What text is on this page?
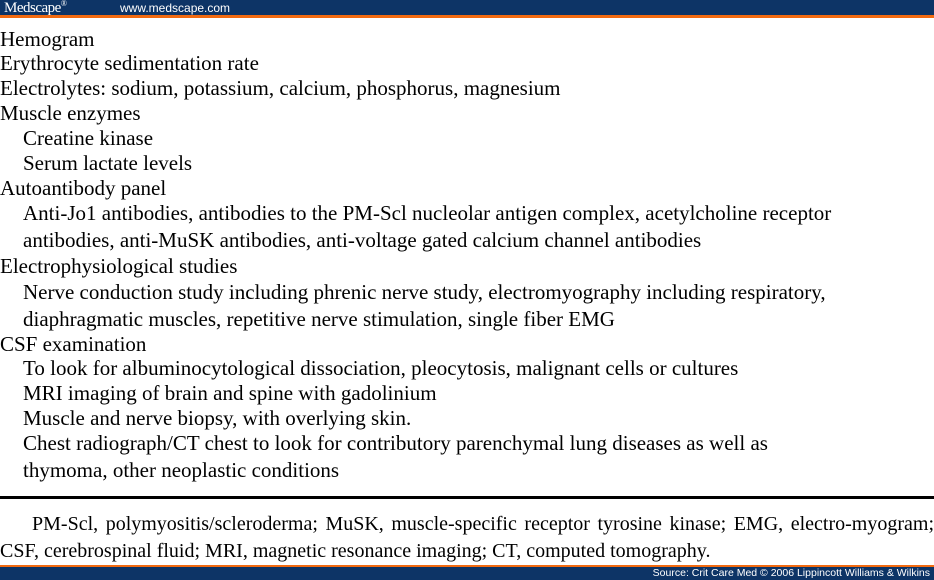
Medscape®	www.medscape.com
Hemogram
Erythrocyte sedimentation rate
Electrolytes: sodium, potassium, calcium, phosphorus, magnesium
Muscle enzymes
Creatine kinase
Serum lactate levels
Autoantibody panel
Anti-Jo1 antibodies, antibodies to the PM-Scl nucleolar antigen complex, acetylcholine receptor
antibodies, anti-MuSK antibodies, anti-voltage gated calcium channel antibodies
Electrophysiological studies
Nerve conduction study including phrenic nerve study, electromyography including respiratory,
diaphragmatic muscles, repetitive nerve stimulation, single fiber EMG
CSF examination
To look for albuminocytological dissociation, pleocytosis, malignant cells or cultures
MRI imaging of brain and spine with gadolinium
Muscle and nerve biopsy, with overlying skin.
Chest radiograph/CT chest to look for contributory parenchymal lung diseases as well as
thymoma, other neoplastic conditions
PM-Scl, polymyositis/scleroderma; MuSK, muscle-specific receptor tyrosine kinase; EMG, electro-myogram; CSF, cerebrospinal fluid; MRI, magnetic resonance imaging; CT, computed tomography.
Source: Crit Care Med © 2006 Lippincott Williams & Wilkins
